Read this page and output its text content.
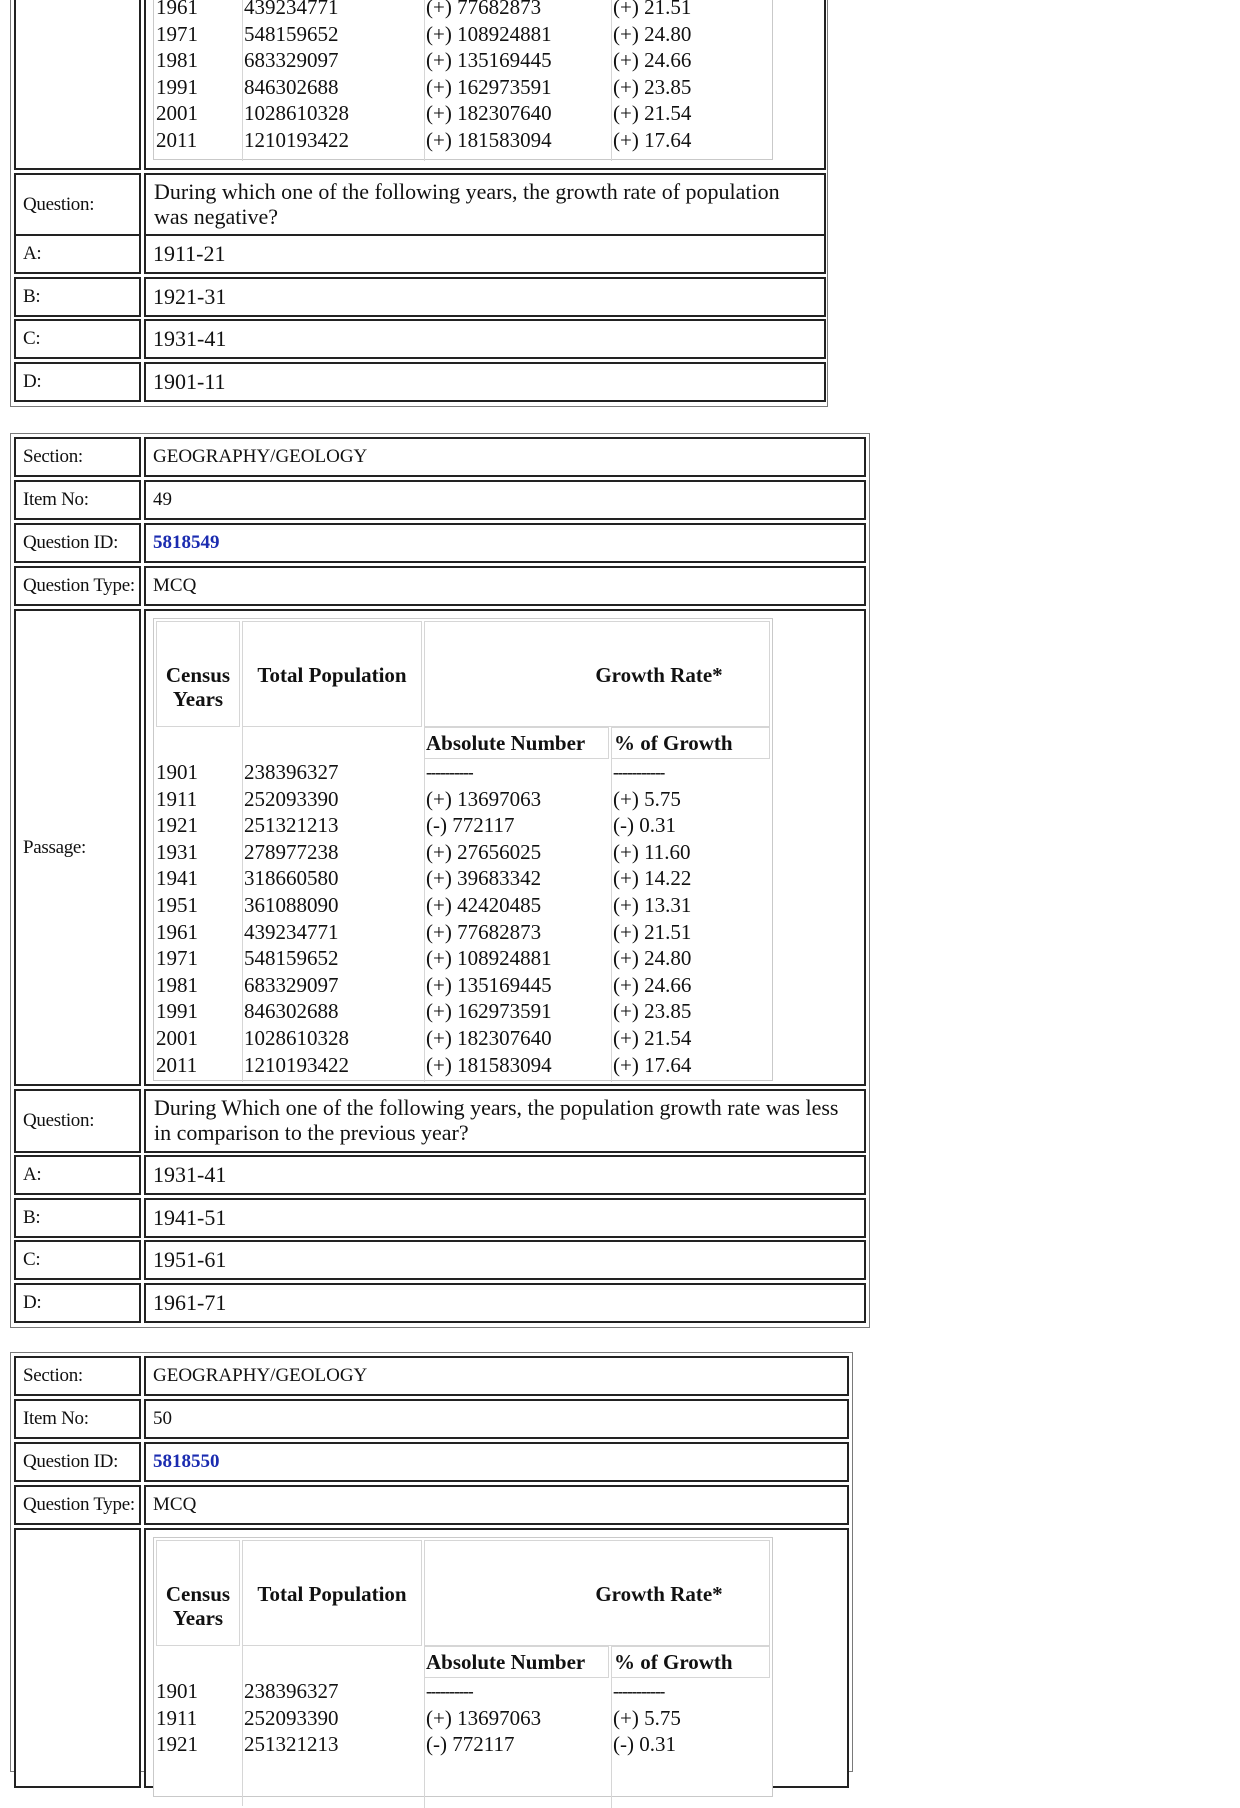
1961 439234771	(+) 77682873	(+) 21.51
1971 548159652	(+) 108924881	(+) 24.80
1981 683329097	(+) 135169445	(+) 24.66
1991 846302688	(+) 162973591	(+) 23.85
2001 1028610328	(+) 182307640	(+) 21.54
2011 1210193422	(+) 181583094	(+) 17.64
Question:
During which one of the following years, the growth rate of population was negative?
A:	1911-21
B:	1921-31
C:	1931-41
D:	1901-11
Section:	GEOGRAPHY/GEOLOGY
Item No:	49
Question ID:	5818549
Question Type: MCQ
Passage:
Census Years
Total Population	Growth Rate*
Absolute Number	% of Growth
1901 238396327	----------	-----------
1911 252093390	(+) 13697063	(+) 5.75
1921 251321213	(-) 772117	(-) 0.31
1931 278977238	(+) 27656025	(+) 11.60
1941 318660580	(+) 39683342	(+) 14.22
1951 361088090	(+) 42420485	(+) 13.31
1961 439234771	(+) 77682873	(+) 21.51
1971 548159652	(+) 108924881	(+) 24.80
1981 683329097	(+) 135169445	(+) 24.66
1991 846302688	(+) 162973591	(+) 23.85
2001 1028610328	(+) 182307640	(+) 21.54
2011 1210193422	(+) 181583094	(+) 17.64
Question:
During Which one of the following years, the population growth rate was less in comparison to the previous year?
A:	1931-41
B:	1941-51
C:	1951-61
D:	1961-71
Section:	GEOGRAPHY/GEOLOGY
Item No:	50
Question ID:	5818550
Question Type: MCQ
Census Years
Total Population	Growth Rate*
Absolute Number	% of Growth
1901 238396327	----------	-----------
1911 252093390	(+) 13697063	(+) 5.75
1921 251321213	(-) 772117	(-) 0.31
